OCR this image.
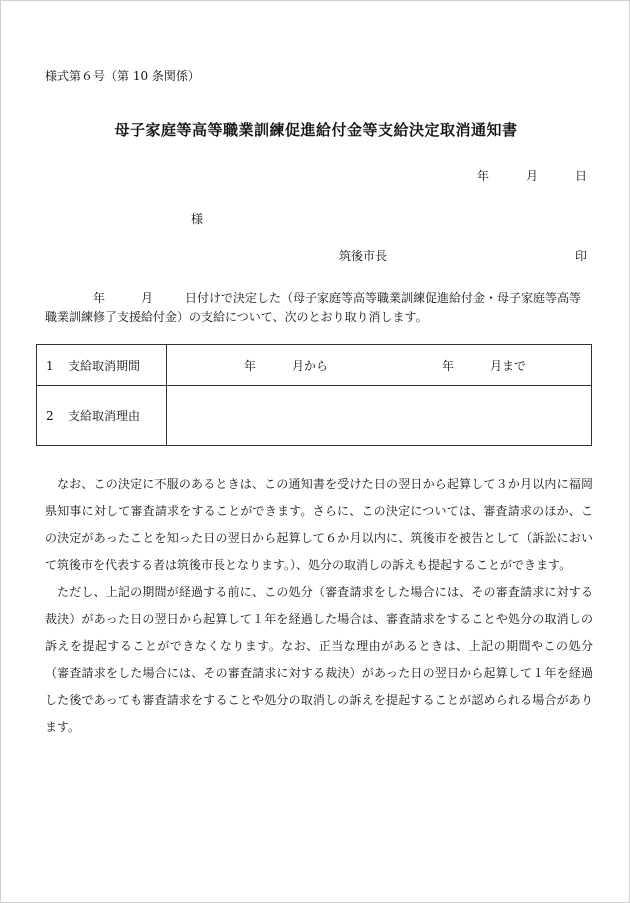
様式第６号（第 10 条関係）
母子家庭等高等職業訓練促進給付金等支給決定取消通知書
年	月	日
様
筑後市長	印
年	月	日付けで決定した（母子家庭等高等職業訓練促進給付金・母子家庭等高等職業訓練修了支援給付金）の支給について、次のとおり取り消します。
1 支給取消期間	年 月から 年 月まで

2 支給取消理由	

なお、この決定に不服のあるときは、この通知書を受けた日の翌日から起算して３か月以内に福岡県知事に対して審査請求をすることができます。さらに、この決定については、審査請求のほか、この決定があったことを知った日の翌日から起算して６か月以内に、筑後市を被告として（訴訟において筑後市を代表する者は筑後市長となります。）、処分の取消しの訴えも提起することができます。

ただし、上記の期間が経過する前に、この処分（審査請求をした場合には、その審査請求に対する裁決）があった日の翌日から起算して１年を経過した場合は、審査請求をすることや処分の取消しの訴えを提起することができなくなります。なお、正当な理由があるときは、上記の期間やこの処分（審査請求をした場合には、その審査請求に対する裁決）があった日の翌日から起算して１年を経過した後であっても審査請求をすることや処分の取消しの訴えを提起することが認められる場合があります。
